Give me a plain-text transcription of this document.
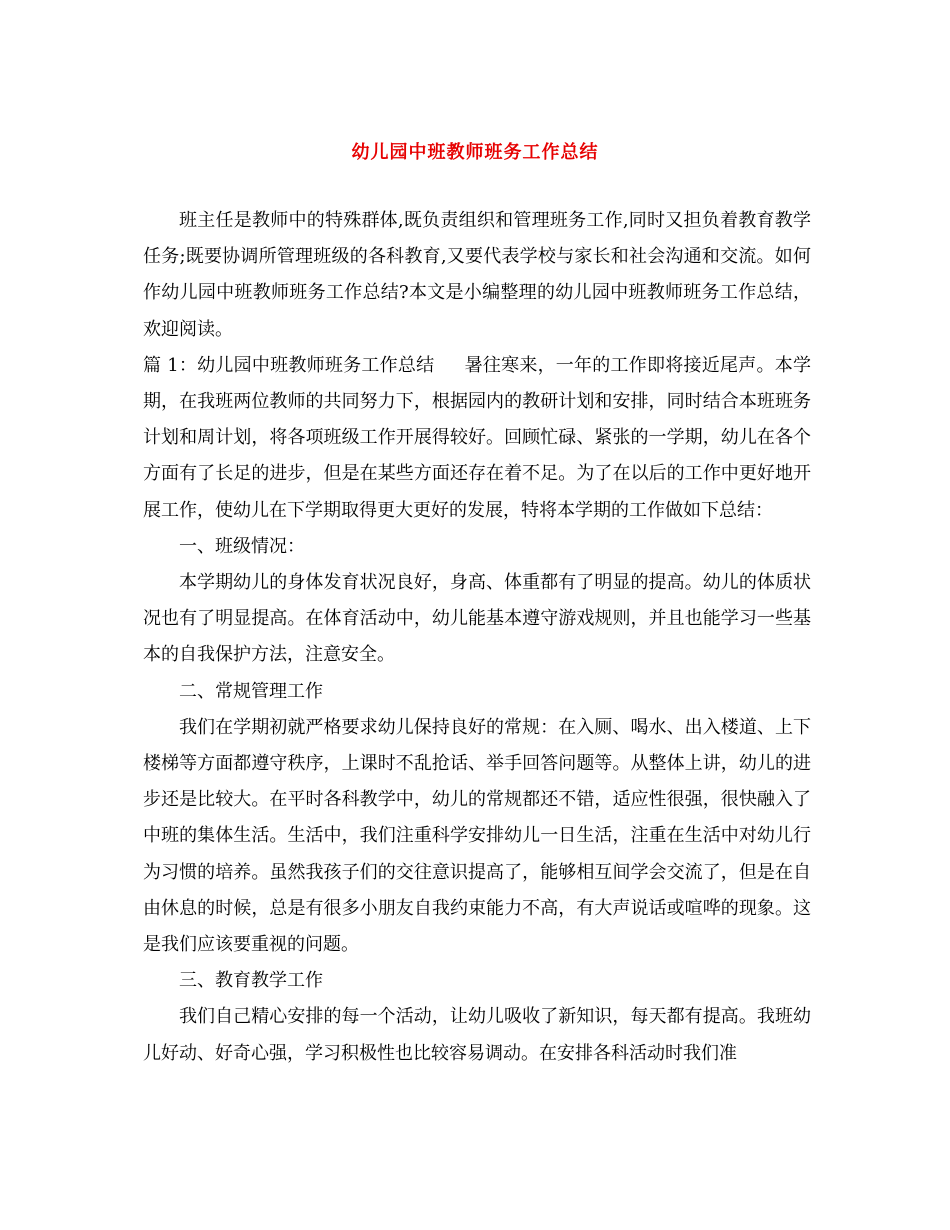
幼儿园中班教师班务工作总结

班主任是教师中的特殊群体,既负责组织和管理班务工作,同时又担负着教育教学任务;既要协调所管理班级的各科教育,又要代表学校与家长和社会沟通和交流。如何作幼儿园中班教师班务工作总结?本文是小编整理的幼儿园中班教师班务工作总结，欢迎阅读。

篇 1：幼儿园中班教师班务工作总结 暑往寒来，一年的工作即将接近尾声。本学期，在我班两位教师的共同努力下，根据园内的教研计划和安排，同时结合本班班务计划和周计划，将各项班级工作开展得较好。回顾忙碌、紧张的一学期，幼儿在各个方面有了长足的进步，但是在某些方面还存在着不足。为了在以后的工作中更好地开展工作，使幼儿在下学期取得更大更好的发展，特将本学期的工作做如下总结：

一、班级情况：

本学期幼儿的身体发育状况良好，身高、体重都有了明显的提高。幼儿的体质状况也有了明显提高。在体育活动中，幼儿能基本遵守游戏规则，并且也能学习一些基本的自我保护方法，注意安全。

二、常规管理工作

我们在学期初就严格要求幼儿保持良好的常规：在入厕、喝水、出入楼道、上下楼梯等方面都遵守秩序，上课时不乱抢话、举手回答问题等。从整体上讲，幼儿的进步还是比较大。在平时各科教学中，幼儿的常规都还不错，适应性很强，很快融入了中班的集体生活。生活中，我们注重科学安排幼儿一日生活，注重在生活中对幼儿行为习惯的培养。虽然我孩子们的交往意识提高了，能够相互间学会交流了，但是在自由休息的时候，总是有很多小朋友自我约束能力不高，有大声说话或喧哗的现象。这是我们应该要重视的问题。

三、教育教学工作

我们自己精心安排的每一个活动，让幼儿吸收了新知识，每天都有提高。我班幼儿好动、好奇心强，学习积极性也比较容易调动。在安排各科活动时我们准
